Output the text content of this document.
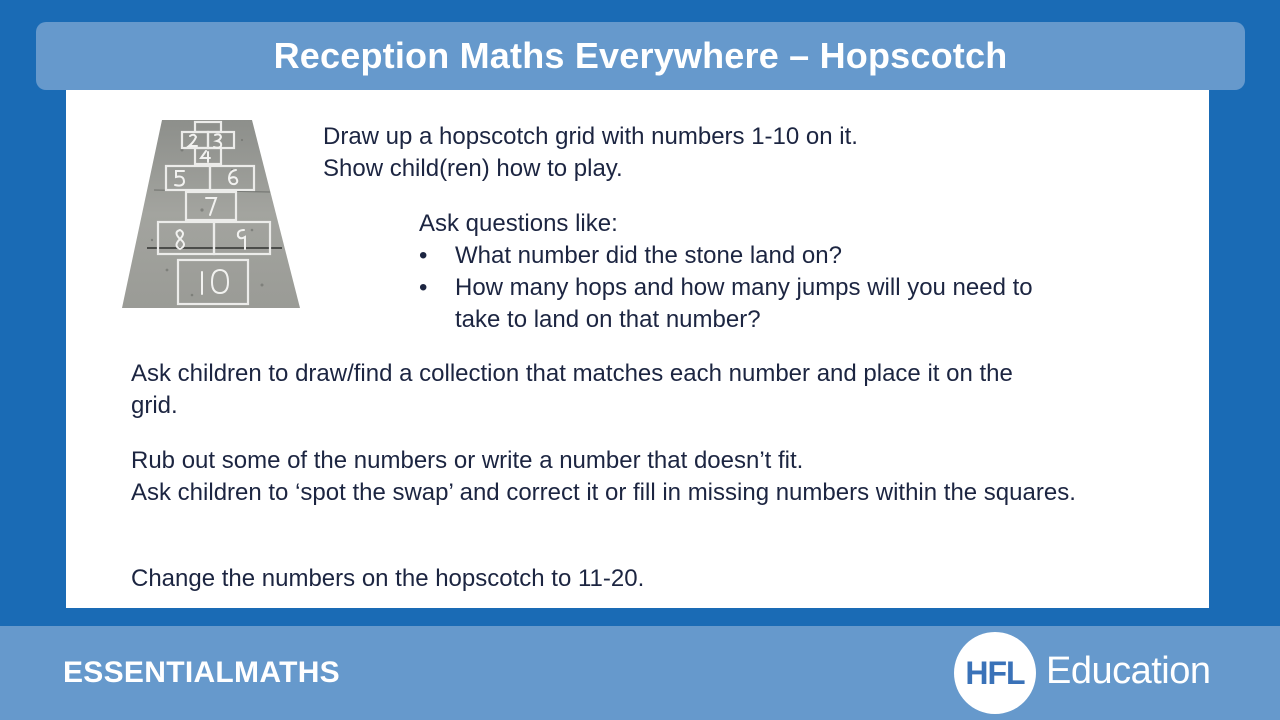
Reception Maths Everywhere – Hopscotch
Draw up a hopscotch grid with numbers 1-10 on it.
Show child(ren) how to play.
Ask questions like:
• What number did the stone land on?
• How many hops and how many jumps will you need to take to land on that number?

Ask children to draw/find a collection that matches each number and place it on the grid.

Rub out some of the numbers or write a number that doesn’t fit.
Ask children to ‘spot the swap’ and correct it or fill in missing numbers within the squares.

Change the numbers on the hopscotch to 11-20.

ESSENTIALMATHS	HFL Education
